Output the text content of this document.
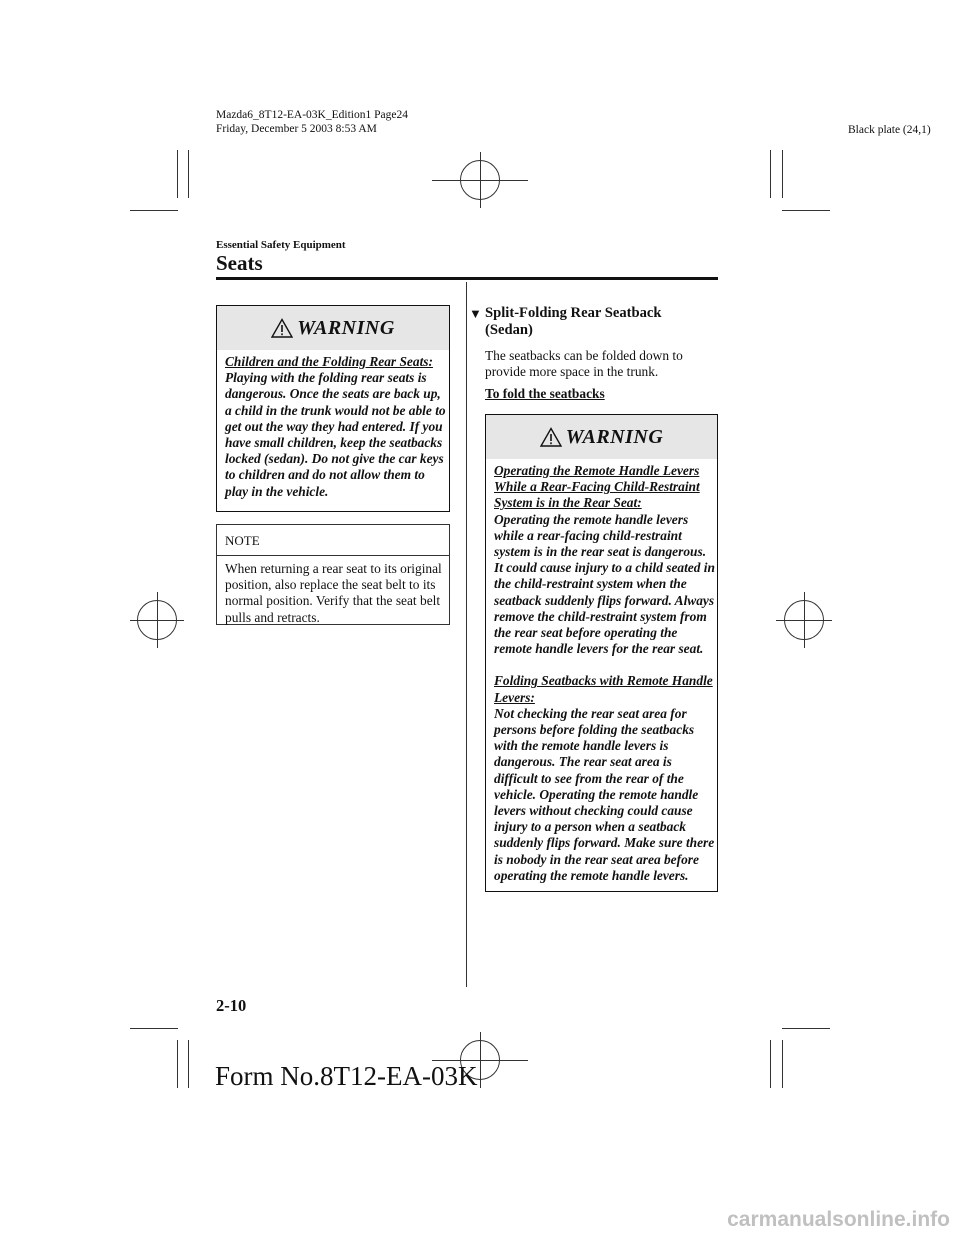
Mazda6_8T12-EA-03K_Edition1 Page24
Friday, December 5 2003 8:53 AM	Black plate (24,1)
Essential Safety Equipment
Seats
WARNING

Children and the Folding Rear Seats:

Playing with the folding rear seats is dangerous. Once the seats are back up, a child in the trunk would not be able to get out the way they had entered. If you have small children, keep the seatbacks locked (sedan). Do not give the car keys to children and do not allow them to play in the vehicle.

NOTE
When returning a rear seat to its original position, also replace the seat belt to its normal position. Verify that the seat belt pulls and retracts.
▼ Split-Folding Rear Seatback (Sedan)
The seatbacks can be folded down to provide more space in the trunk.
To fold the seatbacks
WARNING

Operating the Remote Handle Levers While a Rear-Facing Child-Restraint System is in the Rear Seat:

Operating the remote handle levers while a rear-facing child-restraint system is in the rear seat is dangerous. It could cause injury to a child seated in the child-restraint system when the seatback suddenly flips forward. Always remove the child-restraint system from the rear seat before operating the remote handle levers for the rear seat.

Folding Seatbacks with Remote Handle Levers:

Not checking the rear seat area for persons before folding the seatbacks with the remote handle levers is dangerous. The rear seat area is difficult to see from the rear of the vehicle. Operating the remote handle levers without checking could cause injury to a person when a seatback suddenly flips forward. Make sure there is nobody in the rear seat area before operating the remote handle levers.

2-10
Form No.8T12-EA-03K
carmanualsonline.info
